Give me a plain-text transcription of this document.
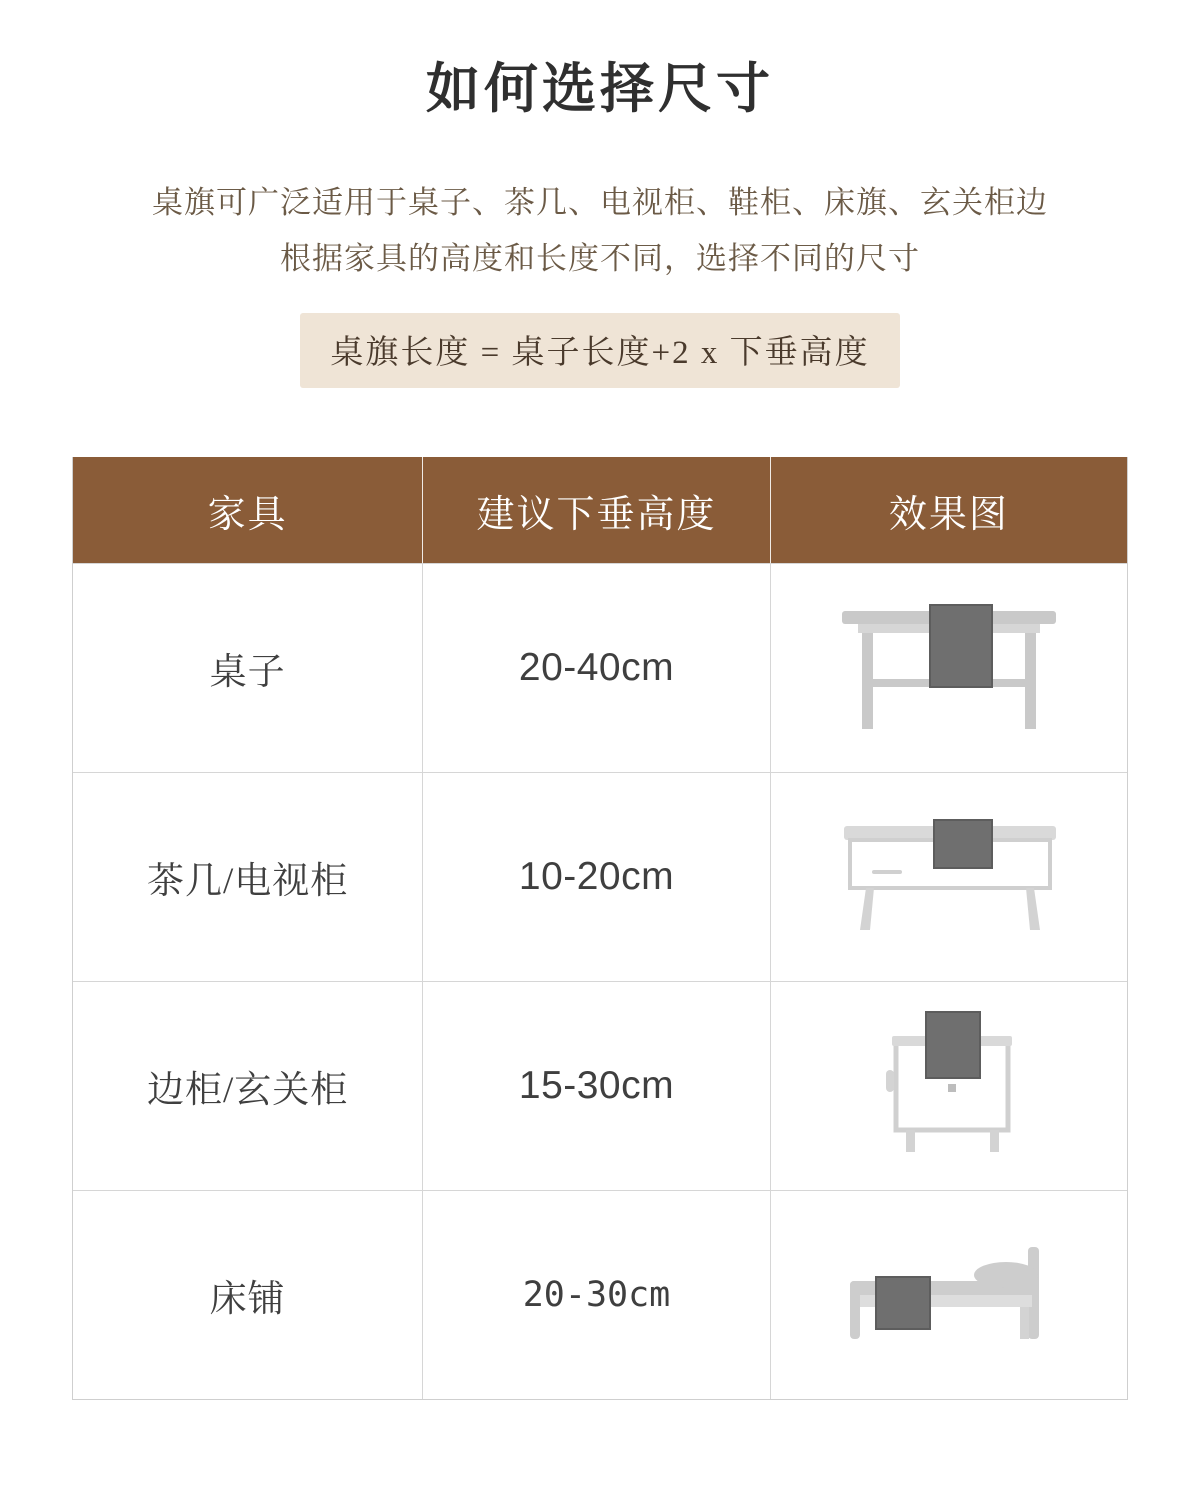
如何选择尺寸
桌旗可广泛适用于桌子、茶几、电视柜、鞋柜、床旗、玄关柜边
根据家具的高度和长度不同，选择不同的尺寸
桌旗长度 = 桌子长度+2 x 下垂高度
家具	建议下垂高度	效果图
桌子	20-40cm
茶几/电视柜	10-20cm
边柜/玄关柜	15-30cm
床铺	20-30cm
